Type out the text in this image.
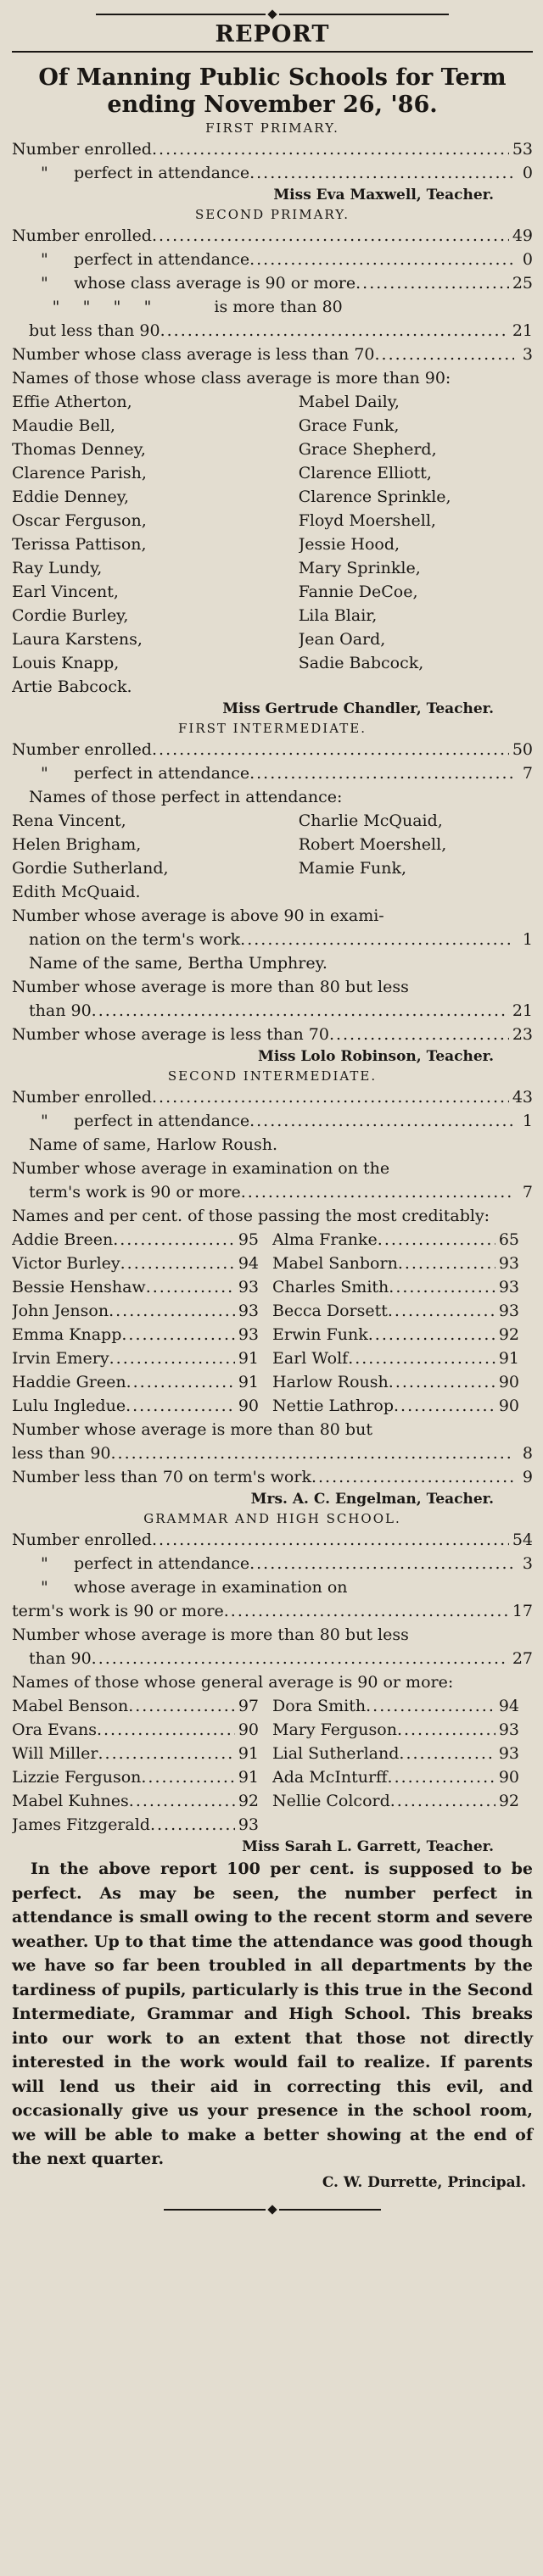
REPORT
Of Manning Public Schools for Term
ending November 26, '86.
FIRST PRIMARY.
Number enrolled .....	53
" perfect in attendance .....	0
Miss Eva Maxwell, Teacher.
SECOND PRIMARY.
Number enrolled .....	49
" perfect in attendance .....	0
" whose class average is 90 or more .....	25
" " " "	is more than 80
but less than 90 .....	21
Number whose class average is less than 70 .....	3
Names of those whose class average is more than 90:
Effie Atherton,	Mabel Daily,
Maudie Bell,	Grace Funk,
Thomas Denney,	Grace Shepherd,
Clarence Parish,	Clarence Elliott,
Eddie Denney,	Clarence Sprinkle,
Oscar Ferguson,	Floyd Moershell,
Terissa Pattison,	Jessie Hood,
Ray Lundy,	Mary Sprinkle,
Earl Vincent,	Fannie DeCoe,
Cordie Burley,	Lila Blair,
Laura Karstens,	Jean Oard,
Louis Knapp,	Sadie Babcock,
Artie Babcock.
Miss Gertrude Chandler, Teacher.
FIRST INTERMEDIATE.
Number enrolled .....	50
" perfect in attendance .....	7
Names of those perfect in attendance:
Rena Vincent,	Charlie McQuaid,
Helen Brigham,	Robert Moershell,
Gordie Sutherland,	Mamie Funk,
Edith McQuaid.
Number whose average is above 90 in exami-
nation on the term's work .....	1
Name of the same, Bertha Umphrey.
Number whose average is more than 80 but less
than 90 .....	21
Number whose average is less than 70 .....	23
Miss Lolo Robinson, Teacher.
SECOND INTERMEDIATE.
Number enrolled .....	43
" perfect in attendance .....	1
Name of same, Harlow Roush.
Number whose average in examination on the
term's work is 90 or more .....	7
Names and per cent. of those passing the most creditably:
Addie Breen .....	95 Alma Franke .....	65
Victor Burley .....	94 Mabel Sanborn .....	93
Bessie Henshaw .....	93 Charles Smith .....	93
John Jenson .....	93 Becca Dorsett .....	93
Emma Knapp .....	93 Erwin Funk .....	92
Irvin Emery .....	91 Earl Wolf .....	91
Haddie Green .....	91 Harlow Roush .....	90
Lulu Ingledue .....	90 Nettie Lathrop .....	90
Number whose average is more than 80 but
less than 90 .....	8
Number less than 70 on term's work .....	9
Mrs. A. C. Engelman, Teacher.
GRAMMAR AND HIGH SCHOOL.
Number enrolled .....	54
" perfect in attendance .....	3
" whose average in examination on
term's work is 90 or more .....	17
Number whose average is more than 80 but less
than 90 .....	27
Names of those whose general average is 90 or more:
Mabel Benson .....	97 Dora Smith .....	94
Ora Evans .....	90 Mary Ferguson .....	93
Will Miller .....	91 Lial Sutherland .....	93
Lizzie Ferguson .....	91 Ada McInturff .....	90
Mabel Kuhnes .....	92 Nellie Colcord .....	92
James Fitzgerald .....	93
Miss Sarah L. Garrett, Teacher.
In the above report 100 per cent. is supposed to be perfect. As may be seen, the number perfect in attendance is small owing to the recent storm and severe weather. Up to that time the attendance was good though we have so far been troubled in all departments by the tardiness of pupils, particularly is this true in the Second Intermediate, Grammar and High School. This breaks into our work to an extent that those not directly interested in the work would fail to realize. If parents will lend us their aid in correcting this evil, and occasionally give us your presence in the school room, we will be able to make a better showing at the end of the next quarter.
C. W. Durrette, Principal.
